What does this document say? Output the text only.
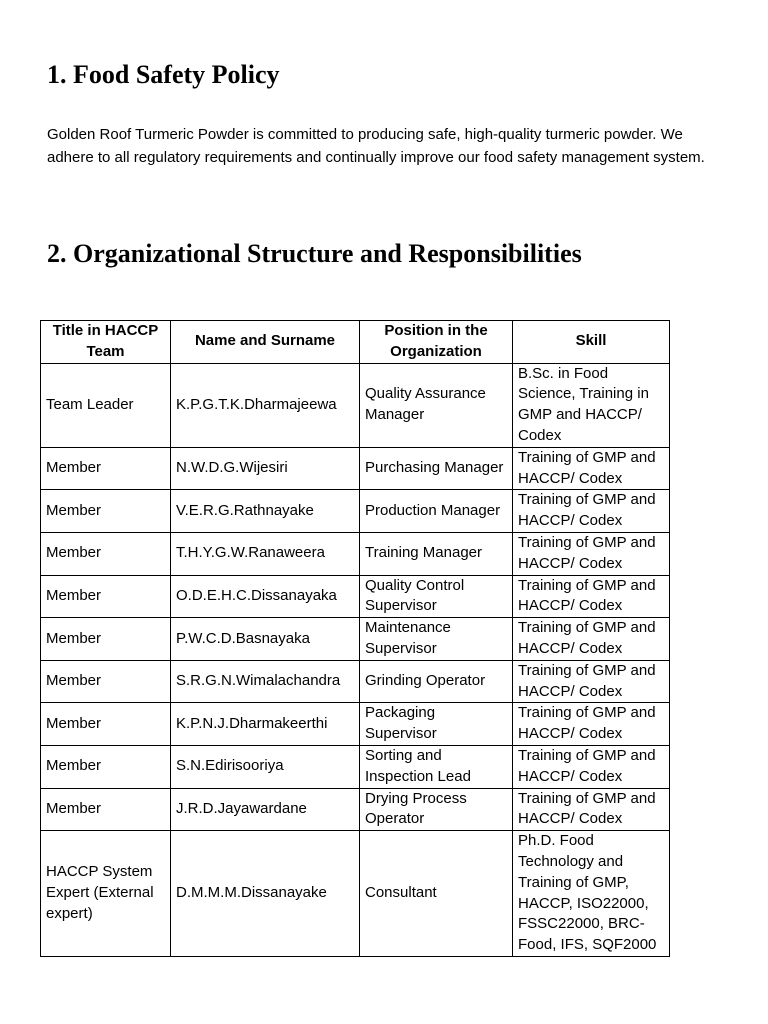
1. Food Safety Policy

Golden Roof Turmeric Powder is committed to producing safe, high-quality turmeric powder. We adhere to all regulatory requirements and continually improve our food safety management system.

2. Organizational Structure and Responsibilities
Title in HACCP Team	Name and Surname	Position in the Organization	Skill
Team Leader	K.P.G.T.K.Dharmajeewa	Quality Assurance Manager	B.Sc. in Food Science, Training in GMP and HACCP/ Codex
Member	N.W.D.G.Wijesiri	Purchasing Manager	Training of GMP and HACCP/ Codex
Member	V.E.R.G.Rathnayake	Production Manager	Training of GMP and HACCP/ Codex
Member	T.H.Y.G.W.Ranaweera	Training Manager	Training of GMP and HACCP/ Codex
Member	O.D.E.H.C.Dissanayaka	Quality Control Supervisor	Training of GMP and HACCP/ Codex
Member	P.W.C.D.Basnayaka	Maintenance Supervisor	Training of GMP and HACCP/ Codex
Member	S.R.G.N.Wimalachandra	Grinding Operator	Training of GMP and HACCP/ Codex
Member	K.P.N.J.Dharmakeerthi	Packaging Supervisor	Training of GMP and HACCP/ Codex
Member	S.N.Edirisooriya	Sorting and Inspection Lead	Training of GMP and HACCP/ Codex
Member	J.R.D.Jayawardane	Drying Process Operator	Training of GMP and HACCP/ Codex
HACCP System Expert (External expert)	D.M.M.M.Dissanayake	Consultant	Ph.D. Food Technology and Training of GMP, HACCP, ISO22000, FSSC22000, BRC-Food, IFS, SQF2000
